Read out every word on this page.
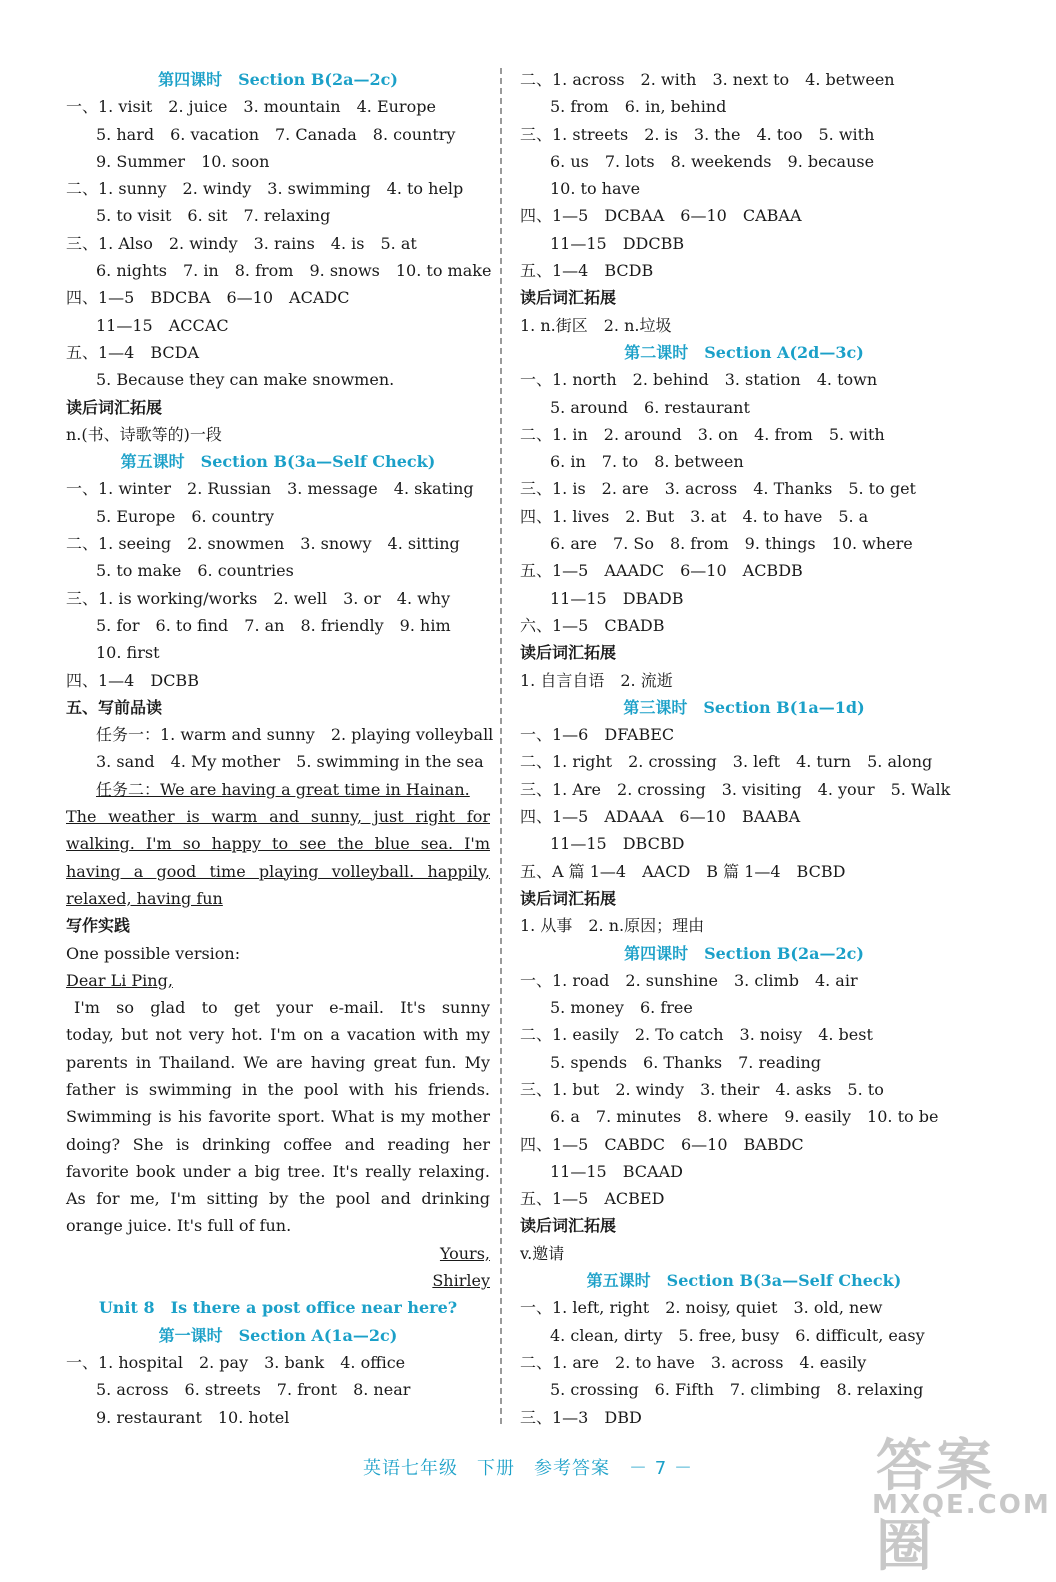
第四课时　Section B(2a—2c)
一、1. visit　2. juice　3. mountain　4. Europe
5. hard　6. vacation　7. Canada　8. country
9. Summer　10. soon
二、1. sunny　2. windy　3. swimming　4. to help
5. to visit　6. sit　7. relaxing
三、1. Also　2. windy　3. rains　4. is　5. at
6. nights　7. in　8. from　9. snows　10. to make
四、1—5　BDCBA　6—10　ACADC
11—15　ACCAC
五、1—4　BCDA
5. Because they can make snowmen.
读后词汇拓展
n.(书、诗歌等的)一段
第五课时　Section B(3a—Self Check)
一、1. winter　2. Russian　3. message　4. skating
5. Europe　6. country
二、1. seeing　2. snowmen　3. snowy　4. sitting
5. to make　6. countries
三、1. is working/works　2. well　3. or　4. why
5. for　6. to find　7. an　8. friendly　9. him
10. first
四、1—4　DCBB
五、写前品读
任务一：1. warm and sunny　2. playing volleyball
3. sand　4. My mother　5. swimming in the sea
任务二：We are having a great time in Hainan.
The weather is warm and sunny, just right for
walking. I'm so happy to see the blue sea. I'm
having a good time playing volleyball. happily,
relaxed, having fun
写作实践
One possible version:
Dear Li Ping,
I'm so glad to get your e-mail. It's sunny
today, but not very hot. I'm on a vacation with my
parents in Thailand. We are having great fun. My
father is swimming in the pool with his friends.
Swimming is his favorite sport. What is my mother
doing? She is drinking coffee and reading her
favorite book under a big tree. It's really relaxing.
As for me, I'm sitting by the pool and drinking
orange juice. It's full of fun.
Yours,
Shirley
Unit 8　Is there a post office near here?
第一课时　Section A(1a—2c)
一、1. hospital　2. pay　3. bank　4. office
5. across　6. streets　7. front　8. near
9. restaurant　10. hotel
二、1. across　2. with　3. next to　4. between
5. from　6. in, behind
三、1. streets　2. is　3. the　4. too　5. with
6. us　7. lots　8. weekends　9. because
10. to have
四、1—5　DCBAA　6—10　CABAA
11—15　DDCBB
五、1—4　BCDB
读后词汇拓展
1. n.街区　2. n.垃圾
第二课时　Section A(2d—3c)
一、1. north　2. behind　3. station　4. town
5. around　6. restaurant
二、1. in　2. around　3. on　4. from　5. with
6. in　7. to　8. between
三、1. is　2. are　3. across　4. Thanks　5. to get
四、1. lives　2. But　3. at　4. to have　5. a
6. are　7. So　8. from　9. things　10. where
五、1—5　AAADC　6—10　ACBDB
11—15　DBADB
六、1—5　CBADB
读后词汇拓展
1. 自言自语　2. 流逝
第三课时　Section B(1a—1d)
一、1—6　DFABEC
二、1. right　2. crossing　3. left　4. turn　5. along
三、1. Are　2. crossing　3. visiting　4. your　5. Walk
四、1—5　ADAAA　6—10　BAABA
11—15　DBCBD
五、A 篇 1—4　AACD　B 篇 1—4　BCBD
读后词汇拓展
1. 从事　2. n.原因；理由
第四课时　Section B(2a—2c)
一、1. road　2. sunshine　3. climb　4. air
5. money　6. free
二、1. easily　2. To catch　3. noisy　4. best
5. spends　6. Thanks　7. reading
三、1. but　2. windy　3. their　4. asks　5. to
6. a　7. minutes　8. where　9. easily　10. to be
四、1—5　CABDC　6—10　BABDC
11—15　BCAAD
五、1—5　ACBED
读后词汇拓展
v.邀请
第五课时　Section B(3a—Self Check)
一、1. left, right　2. noisy, quiet　3. old, new
4. clean, dirty　5. free, busy　6. difficult, easy
二、1. are　2. to have　3. across　4. easily
5. crossing　6. Fifth　7. climbing　8. relaxing
三、1—3　DBD
英语七年级　下册　参考答案　－ 7 －	答案圈
MXQE.COM
